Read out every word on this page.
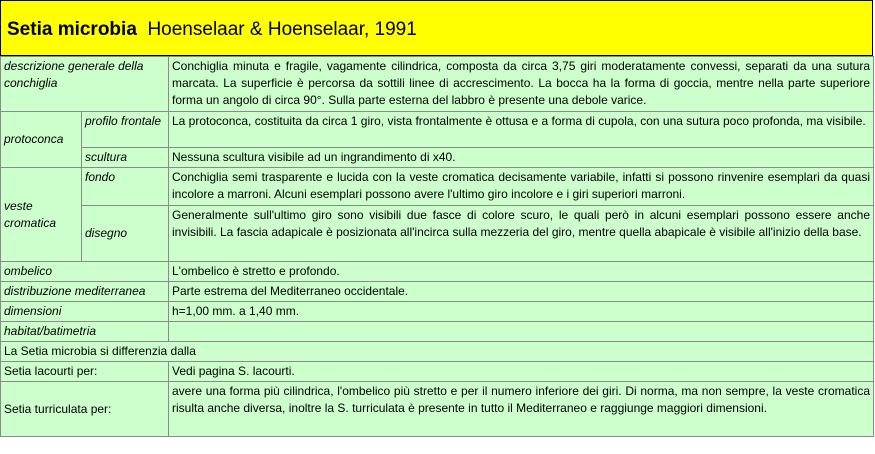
Setia microbia Hoenselaar & Hoenselaar, 1991
descrizione generale della conchiglia		Conchiglia minuta e fragile, vagamente cilindrica, composta da circa 3,75 giri moderatamente convessi, separati da una sutura marcata. La superficie è percorsa da sottili linee di accrescimento. La bocca ha la forma di goccia, mentre nella parte superiore forma un angolo di circa 90°. Sulla parte esterna del labbro è presente una debole varice.
protoconca	profilo frontale	La protoconca, costituita da circa 1 giro, vista frontalmente è ottusa e a forma di cupola, con una sutura poco profonda, ma visibile.
	scultura	Nessuna scultura visibile ad un ingrandimento di x40.
veste cromatica	fondo	Conchiglia semi trasparente e lucida con la veste cromatica decisamente variabile, infatti si possono rinvenire esemplari da quasi incolore a marroni. Alcuni esemplari possono avere l'ultimo giro incolore e i giri superiori marroni.
	disegno	Generalmente sull'ultimo giro sono visibili due fasce di colore scuro, le quali però in alcuni esemplari possono essere anche invisibili. La fascia adapicale è posizionata all'incirca sulla mezzeria del giro, mentre quella abapicale è visibile all'inizio della base.
ombelico		L'ombelico è stretto e profondo.
distribuzione mediterranea		Parte estrema del Mediterraneo occidentale.
dimensioni		h=1,00 mm. a 1,40 mm.
habitat/batimetria		
La Setia microbia si differenzia dalla		
Setia lacourti per:		Vedi pagina S. lacourti.
Setia turriculata per:		avere una forma più cilindrica, l'ombelico più stretto e per il numero inferiore dei giri. Di norma, ma non sempre, la veste cromatica risulta anche diversa, inoltre la S. turriculata è presente in tutto il Mediterraneo e raggiunge maggiori dimensioni.
